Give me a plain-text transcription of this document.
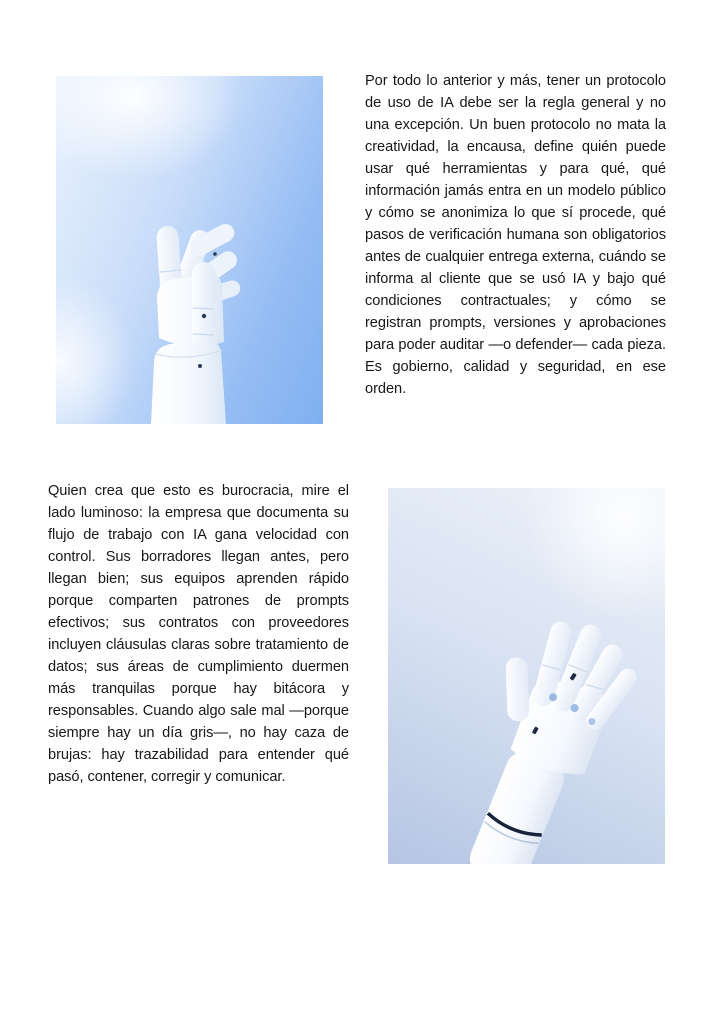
Por todo lo anterior y más, tener un protocolo de uso de IA debe ser la regla general y no una excepción. Un buen protocolo no mata la creatividad, la encausa, define quién puede usar qué herramientas y para qué, qué información jamás entra en un modelo público y cómo se anonimiza lo que sí procede, qué pasos de verificación humana son obligatorios antes de cualquier entrega externa, cuándo se informa al cliente que se usó IA y bajo qué condiciones contractuales; y cómo se registran prompts, versiones y aprobaciones para poder auditar —o defender— cada pieza. Es gobierno, calidad y seguridad, en ese orden.

Quien crea que esto es burocracia, mire el lado luminoso: la empresa que documenta su flujo de trabajo con IA gana velocidad con control. Sus borradores llegan antes, pero llegan bien; sus equipos aprenden rápido porque comparten patrones de prompts efectivos; sus contratos con proveedores incluyen cláusulas claras sobre tratamiento de datos; sus áreas de cumplimiento duermen más tranquilas porque hay bitácora y responsables. Cuando algo sale mal —porque siempre hay un día gris—, no hay caza de brujas: hay trazabilidad para entender qué pasó, contener, corregir y comunicar.
